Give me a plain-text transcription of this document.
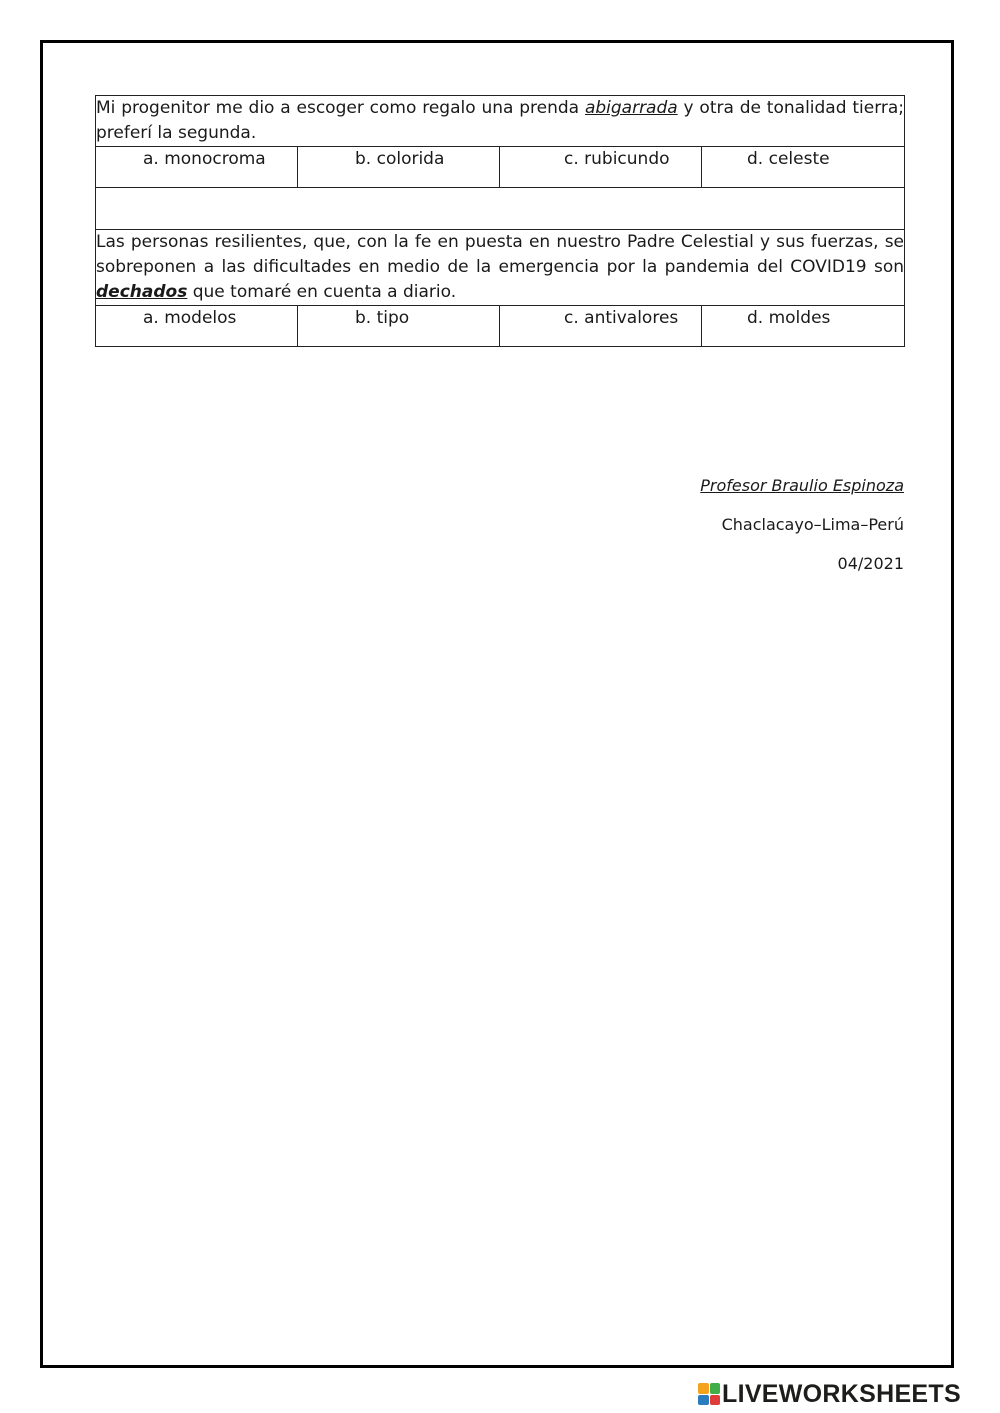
Mi progenitor me dio a escoger como regalo una prenda abigarrada y otra de tonalidad tierra; preferí la segunda.			

a. monocroma	b. colorida	c. rubicundo	d. celeste

Las personas resilientes, que, con la fe en puesta en nuestro Padre Celestial y sus fuerzas, se sobreponen a las dificultades en medio de la emergencia por la pandemia del COVID19 son dechados que tomaré en cuenta a diario.			

a. modelos	b. tipo	c. antivalores	d. moldes
Profesor Braulio Espinoza
Chaclacayo–Lima–Perú
04/2021
LIVEWORKSHEETS
